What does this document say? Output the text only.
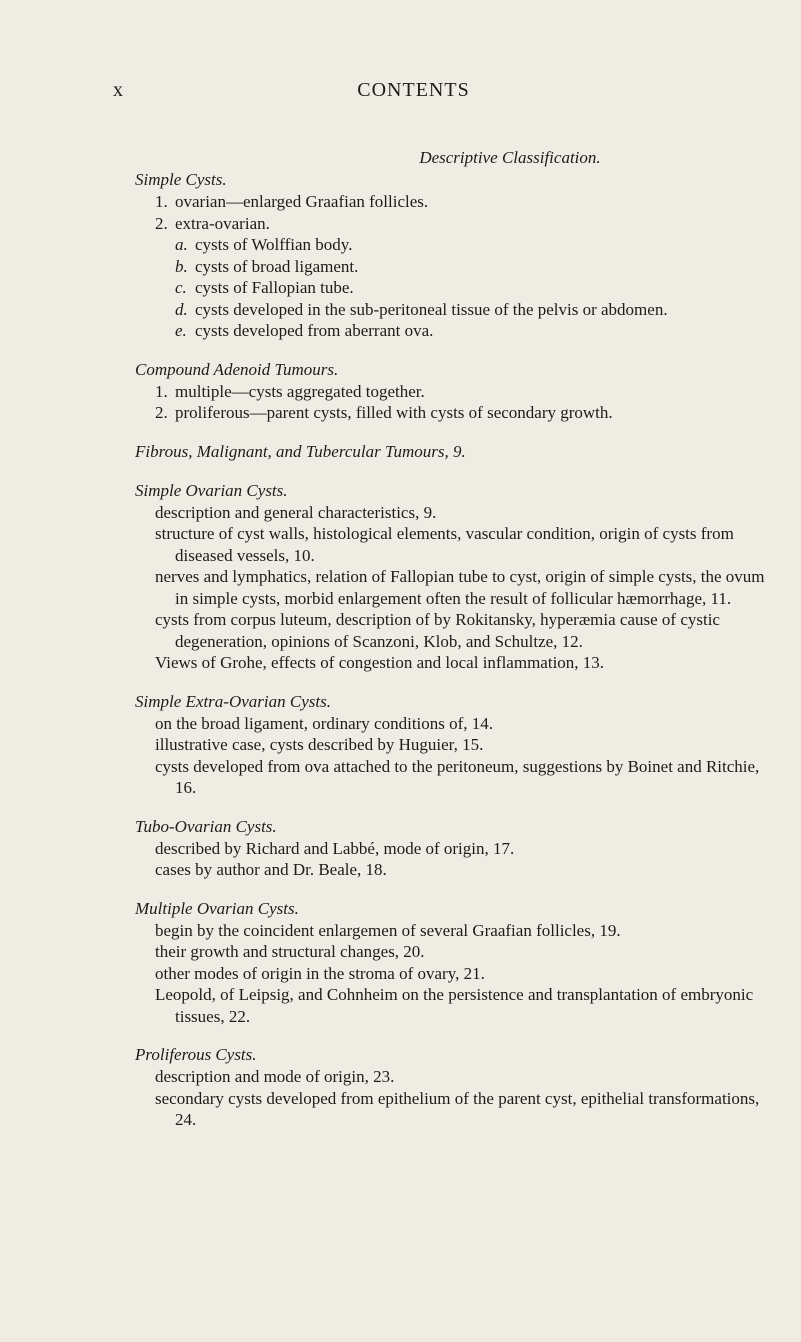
x	CONTENTS

Descriptive Classification.

Simple Cysts.

1. ovarian—enlarged Graafian follicles.
2. extra-ovarian.
a. cysts of Wolffian body.
b. cysts of broad ligament.
c. cysts of Fallopian tube.
d. cysts developed in the sub-peritoneal tissue of the pelvis or abdomen.
e. cysts developed from aberrant ova.

Compound Adenoid Tumours.

1. multiple—cysts aggregated together.
2. proliferous—parent cysts, filled with cysts of secondary growth.

Fibrous, Malignant, and Tubercular Tumours, 9.

Simple Ovarian Cysts.

description and general characteristics, 9.
structure of cyst walls, histological elements, vascular condition, origin of cysts from diseased vessels, 10.
nerves and lymphatics, relation of Fallopian tube to cyst, origin of simple cysts, the ovum in simple cysts, morbid enlargement often the result of follicular hæmorrhage, 11.
cysts from corpus luteum, description of by Rokitansky, hyperæmia cause of cystic degeneration, opinions of Scanzoni, Klob, and Schultze, 12.
Views of Grohe, effects of congestion and local inflammation, 13.

Simple Extra-Ovarian Cysts.

on the broad ligament, ordinary conditions of, 14.
illustrative case, cysts described by Huguier, 15.
cysts developed from ova attached to the peritoneum, suggestions by Boinet and Ritchie, 16.

Tubo-Ovarian Cysts.

described by Richard and Labbé, mode of origin, 17.
cases by author and Dr. Beale, 18.

Multiple Ovarian Cysts.

begin by the coincident enlargemen of several Graafian follicles, 19.
their growth and structural changes, 20.
other modes of origin in the stroma of ovary, 21.
Leopold, of Leipsig, and Cohnheim on the persistence and transplantation of embryonic tissues, 22.

Proliferous Cysts.

description and mode of origin, 23.
secondary cysts developed from epithelium of the parent cyst, epithelial transformations, 24.
